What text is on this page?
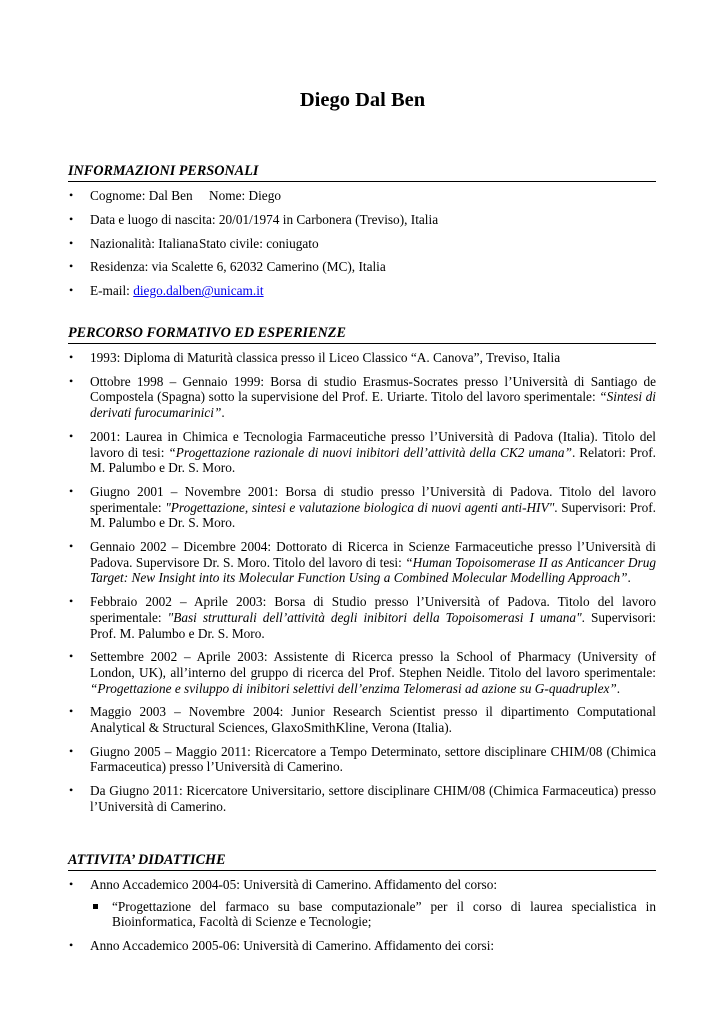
Diego Dal Ben
INFORMAZIONI PERSONALI
• Cognome: Dal Ben Nome: Diego
• Data e luogo di nascita: 20/01/1974 in Carbonera (Treviso), Italia
• Nazionalità: ItalianaStato civile: coniugato
• Residenza: via Scalette 6, 62032 Camerino (MC), Italia
• E-mail: diego.dalben@unicam.it
PERCORSO FORMATIVO ED ESPERIENZE
• 1993: Diploma di Maturità classica presso il Liceo Classico “A. Canova”, Treviso, Italia
• Ottobre 1998 – Gennaio 1999: Borsa di studio Erasmus-Socrates presso l’Università di Santiago de Compostela (Spagna) sotto la supervisione del Prof. E. Uriarte. Titolo del lavoro sperimentale: “Sintesi di derivati furocumarinici”.
• 2001: Laurea in Chimica e Tecnologia Farmaceutiche presso l’Università di Padova (Italia). Titolo del lavoro di tesi: “Progettazione razionale di nuovi inibitori dell’attività della CK2 umana”. Relatori: Prof. M. Palumbo e Dr. S. Moro.
• Giugno 2001 – Novembre 2001: Borsa di studio presso l’Università di Padova. Titolo del lavoro sperimentale: "Progettazione, sintesi e valutazione biologica di nuovi agenti anti-HIV". Supervisori: Prof. M. Palumbo e Dr. S. Moro.
• Gennaio 2002 – Dicembre 2004: Dottorato di Ricerca in Scienze Farmaceutiche presso l’Università di Padova. Supervisore Dr. S. Moro. Titolo del lavoro di tesi: “Human Topoisomerase II as Anticancer Drug Target: New Insight into its Molecular Function Using a Combined Molecular Modelling Approach”.
• Febbraio 2002 – Aprile 2003: Borsa di Studio presso l’Università of Padova. Titolo del lavoro sperimentale: "Basi strutturali dell’attività degli inibitori della Topoisomerasi I umana". Supervisori: Prof. M. Palumbo e Dr. S. Moro.
• Settembre 2002 – Aprile 2003: Assistente di Ricerca presso la School of Pharmacy (University of London, UK), all’interno del gruppo di ricerca del Prof. Stephen Neidle. Titolo del lavoro sperimentale: “Progettazione e sviluppo di inibitori selettivi dell’enzima Telomerasi ad azione su G-quadruplex”.
• Maggio 2003 – Novembre 2004: Junior Research Scientist presso il dipartimento Computational Analytical & Structural Sciences, GlaxoSmithKline, Verona (Italia).
• Giugno 2005 – Maggio 2011: Ricercatore a Tempo Determinato, settore disciplinare CHIM/08 (Chimica Farmaceutica) presso l’Università di Camerino.
• Da Giugno 2011: Ricercatore Universitario, settore disciplinare CHIM/08 (Chimica Farmaceutica) presso l’Università di Camerino.
ATTIVITA’ DIDATTICHE
• Anno Accademico 2004-05: Università di Camerino. Affidamento del corso:
“Progettazione del farmaco su base computazionale” per il corso di laurea specialistica in Bioinformatica, Facoltà di Scienze e Tecnologie;
• Anno Accademico 2005-06: Università di Camerino. Affidamento dei corsi:
